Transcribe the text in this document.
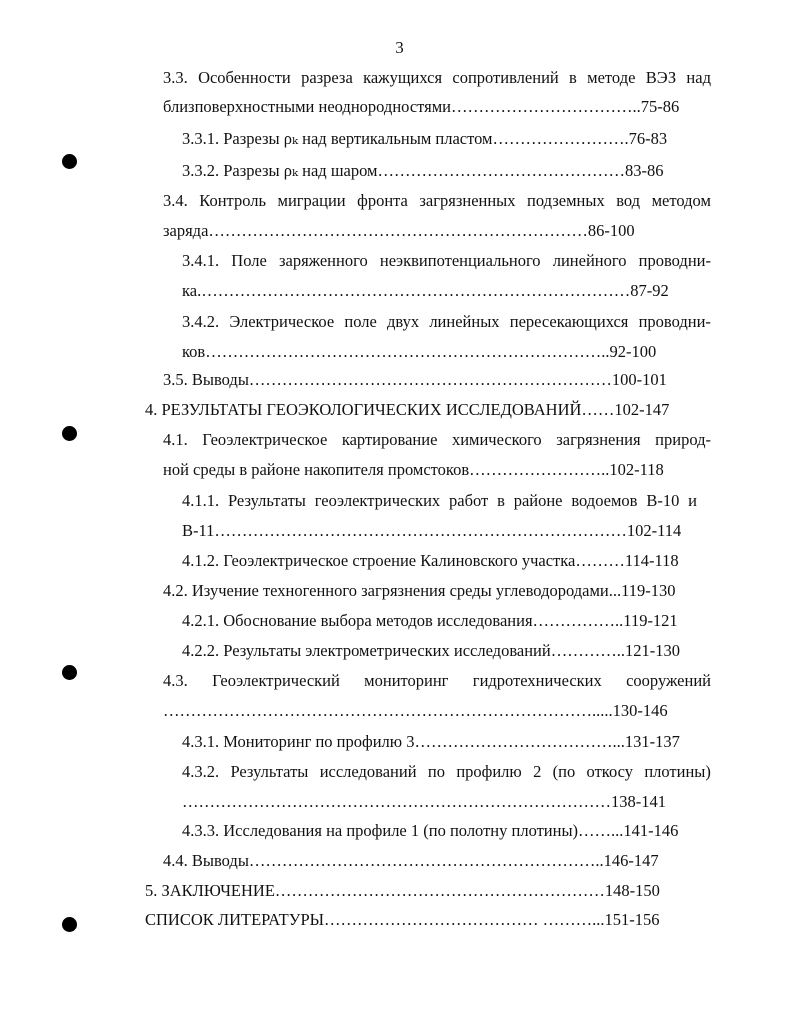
3
3.3. Особенности разреза кажущихся сопротивлений в методе ВЭЗ над
близповерхностными неоднородностями……………………………..75-86
3.3.1. Разрезы ρₖ над вертикальным пластом…………………….76-83
3.3.2. Разрезы ρₖ над шаром………………………………………83-86
3.4. Контроль миграции фронта загрязненных подземных вод методом
заряда……………………………………………………………86-100
3.4.1. Поле заряженного неэквипотенциального линейного проводни-
ка.……………………………………………………………………87-92
3.4.2. Электрическое поле двух линейных пересекающихся проводни-
ков………………………………………………………………..92-100
3.5. Выводы…………………………………………………………100-101
4. РЕЗУЛЬТАТЫ ГЕОЭКОЛОГИЧЕСКИХ ИССЛЕДОВАНИЙ……102-147
4.1. Геоэлектрическое картирование химического загрязнения природ-
ной среды в районе накопителя промстоков……………………..102-118
4.1.1. Результаты геоэлектрических работ в районе водоемов В-10 и
В-11…………………………………………………………………102-114
4.1.2. Геоэлектрическое строение Калиновского участка………114-118
4.2. Изучение техногенного загрязнения среды углеводородами...119-130
4.2.1. Обоснование выбора методов исследования……………..119-121
4.2.2. Результаты электрометрических исследований…………..121-130
4.3. Геоэлектрический мониторинг гидротехнических сооружений
…………………………………………………………………….....130-146
4.3.1. Мониторинг по профилю 3………………………………...131-137
4.3.2. Результаты исследований по профилю 2 (по откосу плотины)
……………………………………………………………………138-141
4.3.3. Исследования на профиле 1 (по полотну плотины)……...141-146
4.4. Выводы………………………………………………………..146-147
5. ЗАКЛЮЧЕНИЕ……………………………………………………148-150
СПИСОК ЛИТЕРАТУРЫ………………………………… ………...151-156
